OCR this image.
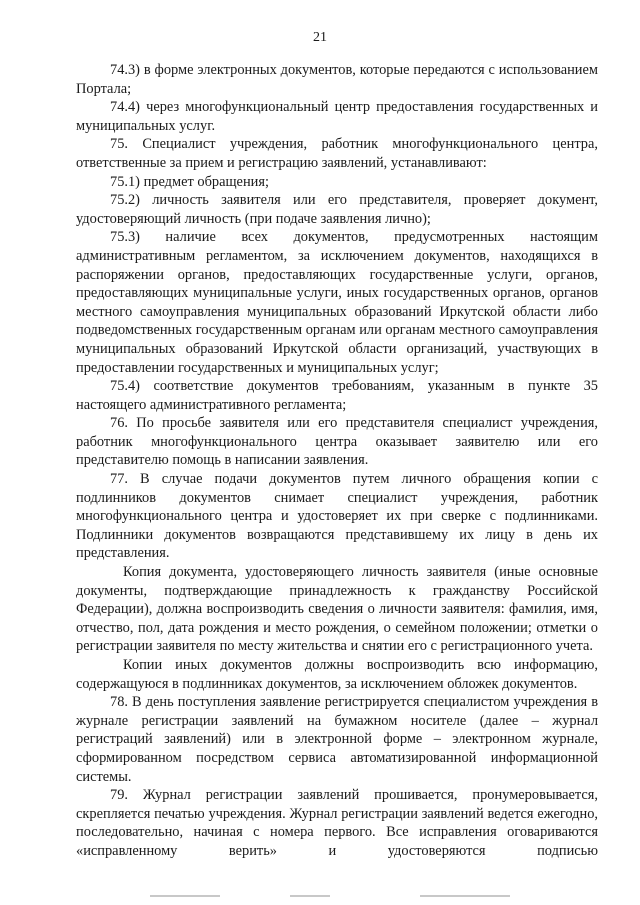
21

74.3) в форме электронных документов, которые передаются с использованием Портала;

74.4) через многофункциональный центр предоставления государственных и муниципальных услуг.

75. Специалист учреждения, работник многофункционального центра, ответственные за прием и регистрацию заявлений, устанавливают:

75.1) предмет обращения;

75.2) личность заявителя или его представителя, проверяет документ, удостоверяющий личность (при подаче заявления лично);

75.3) наличие всех документов, предусмотренных настоящим административным регламентом, за исключением документов, находящихся в распоряжении органов, предоставляющих государственные услуги, органов, предоставляющих муниципальные услуги, иных государственных органов, органов местного самоуправления муниципальных образований Иркутской области либо подведомственных государственным органам или органам местного самоуправления муниципальных образований Иркутской области организаций, участвующих в предоставлении государственных и муниципальных услуг;

75.4) соответствие документов требованиям, указанным в пункте 35 настоящего административного регламента;

76. По просьбе заявителя или его представителя специалист учреждения, работник многофункционального центра оказывает заявителю или его представителю помощь в написании заявления.

77. В случае подачи документов путем личного обращения копии с подлинников документов снимает специалист учреждения, работник многофункционального центра и удостоверяет их при сверке с подлинниками. Подлинники документов возвращаются представившему их лицу в день их представления.

Копия документа, удостоверяющего личность заявителя (иные основные документы, подтверждающие принадлежность к гражданству Российской Федерации), должна воспроизводить сведения о личности заявителя: фамилия, имя, отчество, пол, дата рождения и место рождения, о семейном положении; отметки о регистрации заявителя по месту жительства и снятии его с регистрационного учета.

Копии иных документов должны воспроизводить всю информацию, содержащуюся в подлинниках документов, за исключением обложек документов.

78. В день поступления заявление регистрируется специалистом учреждения в журнале регистрации заявлений на бумажном носителе (далее – журнал регистраций заявлений) или в электронной форме – электронном журнале, сформированном посредством сервиса автоматизированной информационной системы.

79. Журнал регистрации заявлений прошивается, пронумеровывается, скрепляется печатью учреждения. Журнал регистрации заявлений ведется ежегодно, последовательно, начиная с номера первого. Все исправления оговариваются «исправленному верить» и удостоверяются подписью
